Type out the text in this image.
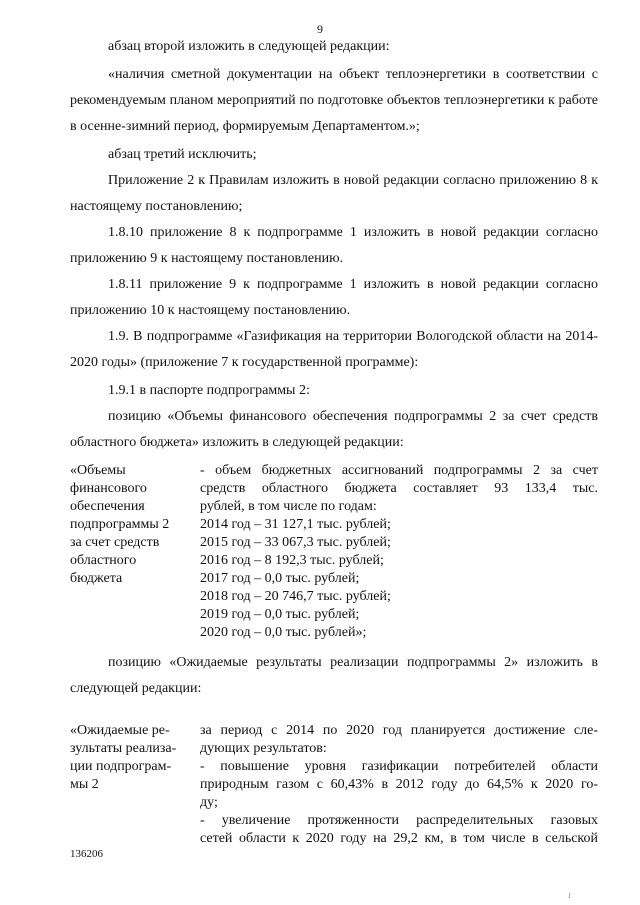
9

абзац второй изложить в следующей редакции:

«наличия сметной документации на объект теплоэнергетики в соответствии с рекомендуемым планом мероприятий по подготовке объектов теплоэнергетики к работе в осенне-зимний период, формируемым Департаментом.»;

абзац третий исключить;

Приложение 2 к Правилам изложить в новой редакции согласно приложению 8 к настоящему постановлению;

1.8.10 приложение 8 к подпрограмме 1 изложить в новой редакции согласно приложению 9 к настоящему постановлению.

1.8.11 приложение 9 к подпрограмме 1 изложить в новой редакции согласно приложению 10 к настоящему постановлению.

1.9. В подпрограмме «Газификация на территории Вологодской области на 2014-2020 годы» (приложение 7 к государственной программе):

1.9.1 в паспорте подпрограммы 2:

позицию «Объемы финансового обеспечения подпрограммы 2 за счет средств областного бюджета» изложить в следующей редакции:

«Объемы
финансового
обеспечения
подпрограммы 2
за счет средств
областного
бюджета
- объем бюджетных ассигнований подпрограммы 2 за счет
средств областного бюджета составляет 93 133,4 тыс.
рублей, в том числе по годам:
2014 год – 31 127,1 тыс. рублей;
2015 год – 33 067,3 тыс. рублей;
2016 год – 8 192,3 тыс. рублей;
2017 год – 0,0 тыс. рублей;
2018 год – 20 746,7 тыс. рублей;
2019 год – 0,0 тыс. рублей;
2020 год – 0,0 тыс. рублей»;

позицию «Ожидаемые результаты реализации подпрограммы 2» изложить в следующей редакции:

«Ожидаемые ре-
зультаты реализа-
ции подпрограм-
мы 2
за период с 2014 по 2020 год планируется достижение сле-
дующих результатов:
- повышение уровня газификации потребителей области
природным газом с 60,43% в 2012 году до 64,5% к 2020 го-
ду;
- увеличение протяженности распределительных газовых
сетей области к 2020 году на 29,2 км, в том числе в сельской
136206
J
